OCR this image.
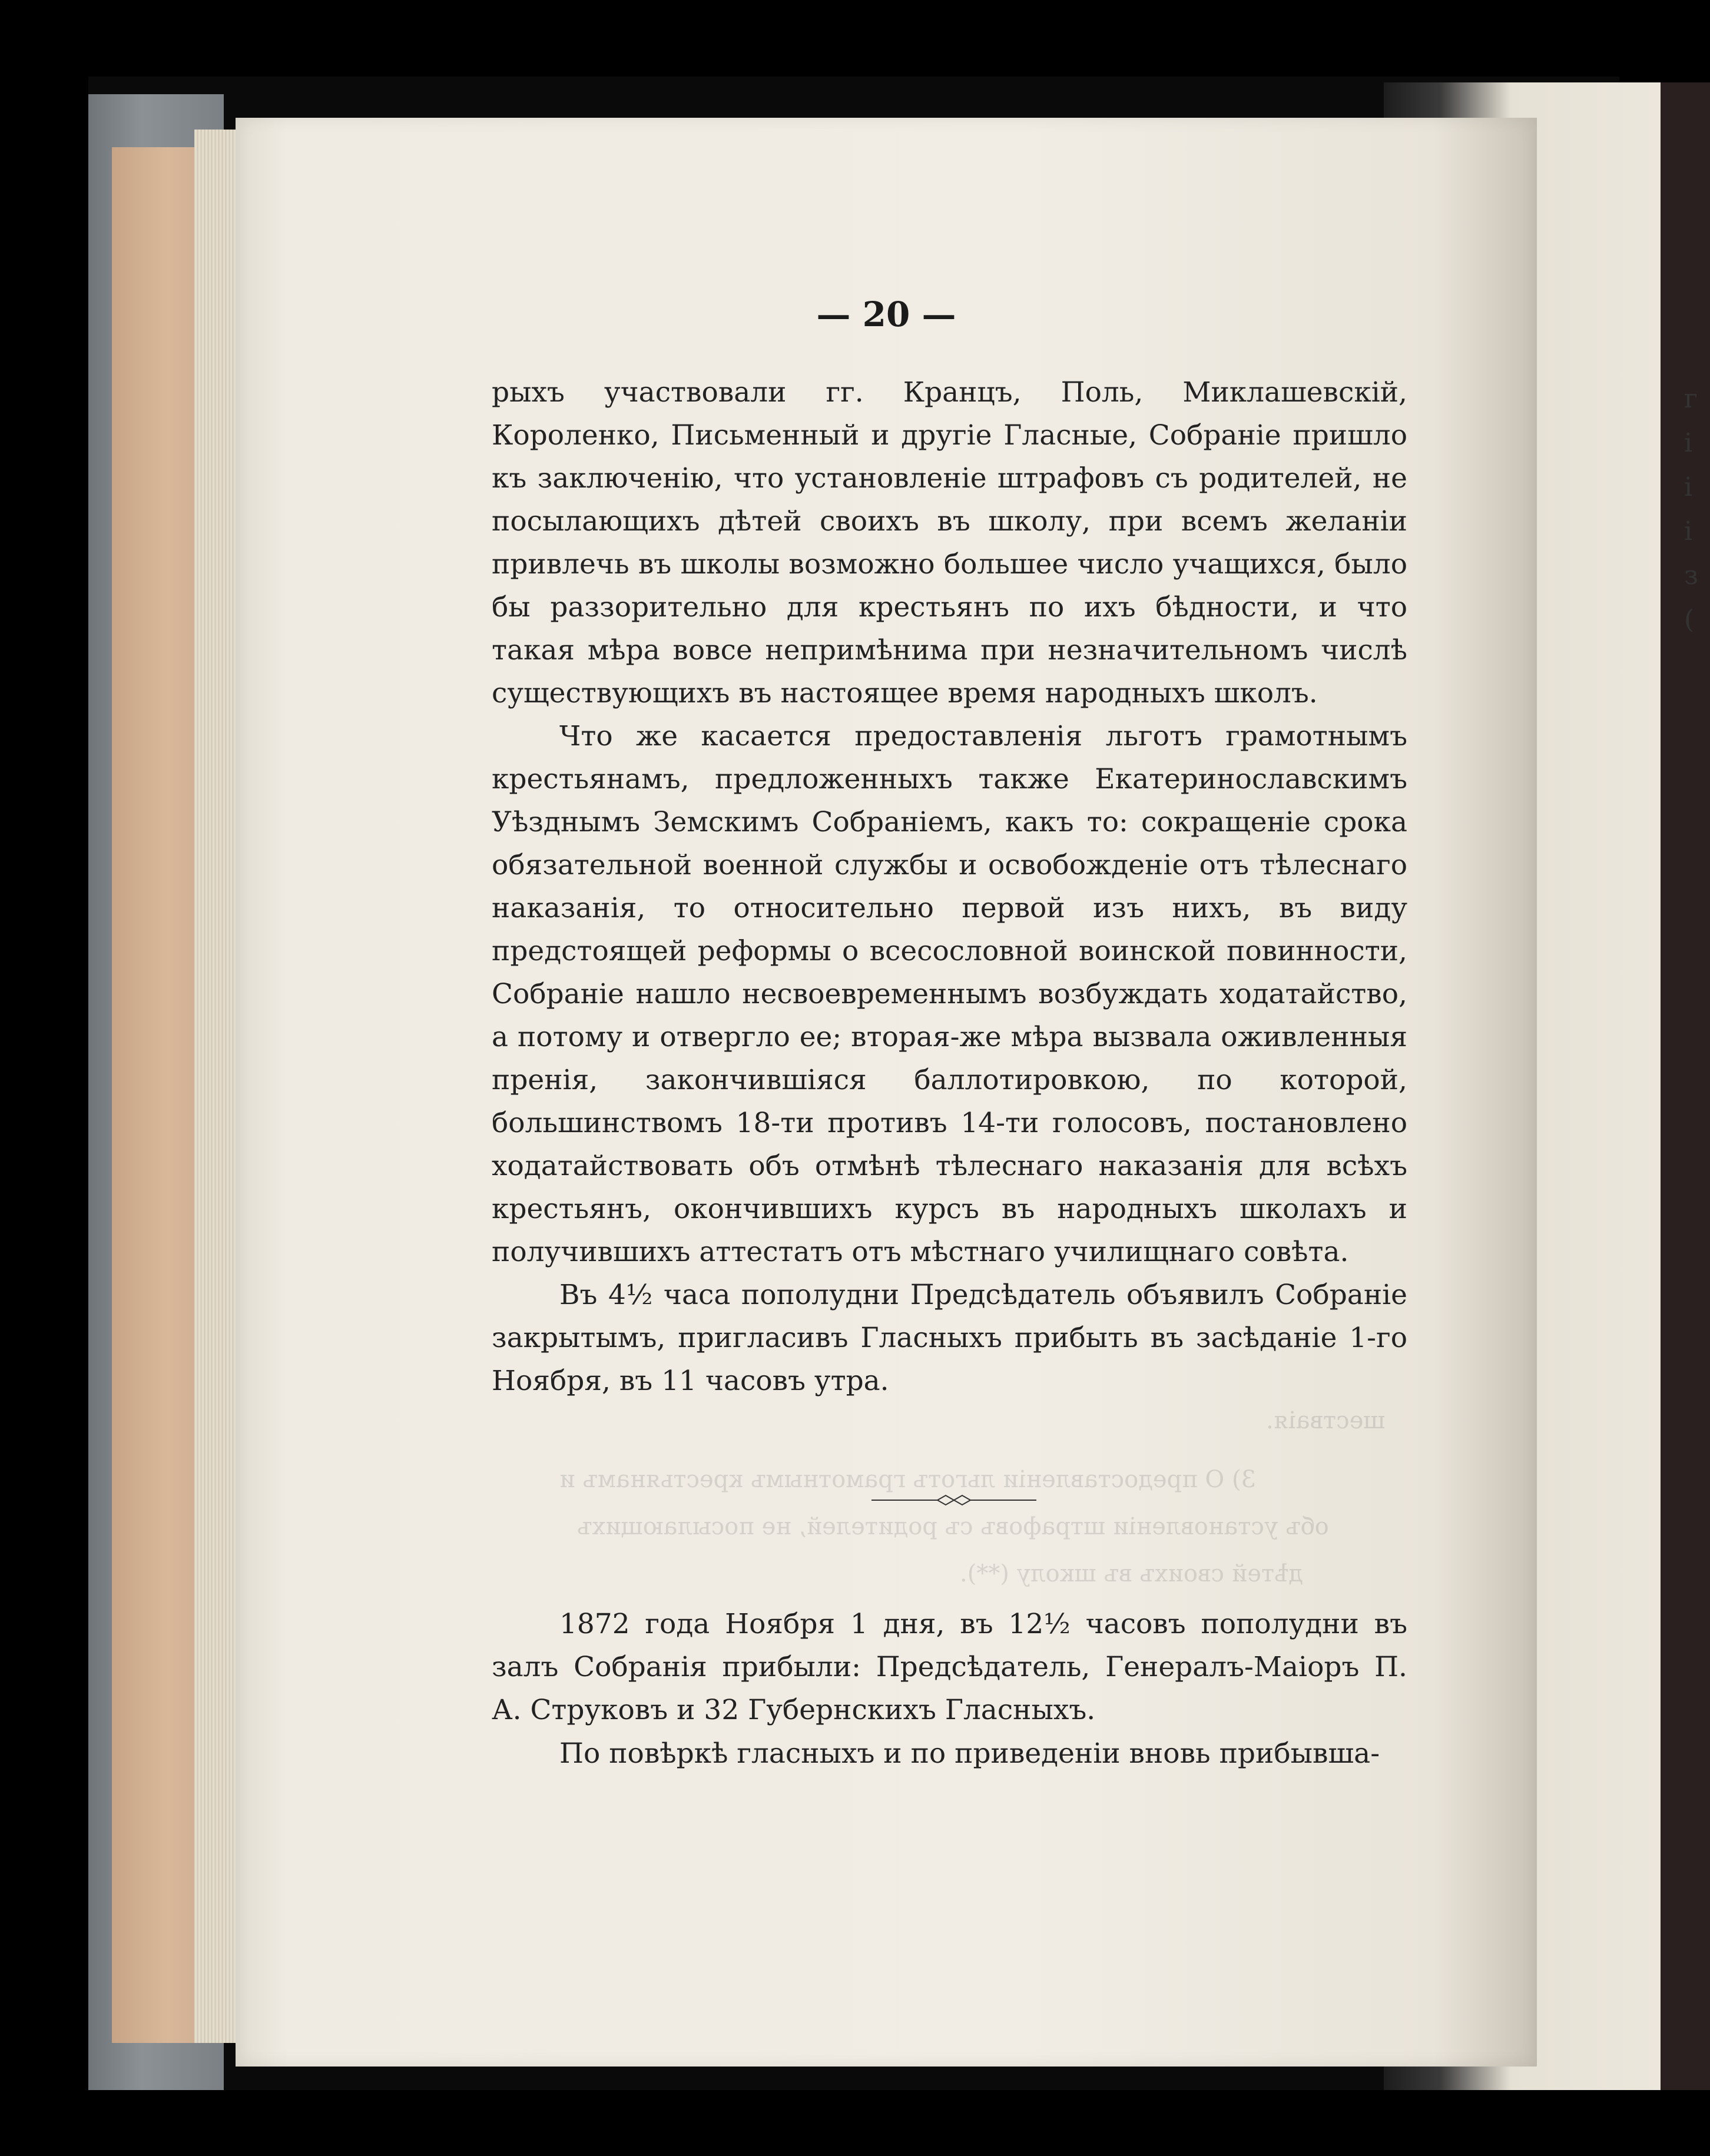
г
і
і
і
з
(
шестваія.
3) О предоставленіи льготъ грамотнымъ крестьянамъ и
объ установленіи штрафовъ съ родителей, не посылающихъ
дѣтей своихъ въ школу (**).
— 20 —

рыхъ участвовали гг. Кранцъ, Поль, Миклашевскій, Короленко, Письменный и другіе Гласные, Собраніе пришло къ заключенію, что установленіе штрафовъ съ родителей, не посылающихъ дѣтей своихъ въ школу, при всемъ желаніи привлечь въ школы возможно большее число учащихся, было бы раззорительно для крестьянъ по ихъ бѣдности, и что такая мѣра вовсе непримѣнима при незначительномъ числѣ существующихъ въ настоящее время народныхъ школъ.

Что же касается предоставленія льготъ грамотнымъ крестьянамъ, предложенныхъ также Екатеринославскимъ Уѣзднымъ Земскимъ Собраніемъ, какъ то: сокращеніе срока обязательной военной службы и освобожденіе отъ тѣлеснаго наказанія, то относительно первой изъ нихъ, въ виду предстоящей реформы о всесословной воинской повинности, Собраніе нашло несвоевременнымъ возбуждать ходатайство, а потому и отвергло ее; вторая-же мѣра вызвала оживленныя пренія, закончившіяся баллотировкою, по которой, большинствомъ 18-ти противъ 14-ти голосовъ, постановлено ходатайствовать объ отмѣнѣ тѣлеснаго наказанія для всѣхъ крестьянъ, окончившихъ курсъ въ народныхъ школахъ и получившихъ аттестатъ отъ мѣстнаго училищнаго совѣта.

Въ 4½ часа пополудни Предсѣдатель объявилъ Собраніе закрытымъ, пригласивъ Гласныхъ прибыть въ засѣданіе 1-го Ноября, въ 11 часовъ утра.

1872 года Ноября 1 дня, въ 12½ часовъ пополудни въ залъ Собранія прибыли: Предсѣдатель, Генералъ-Маіоръ П. А. Струковъ и 32 Губернскихъ Гласныхъ.

По повѣркѣ гласныхъ и по приведеніи вновь прибывша-
